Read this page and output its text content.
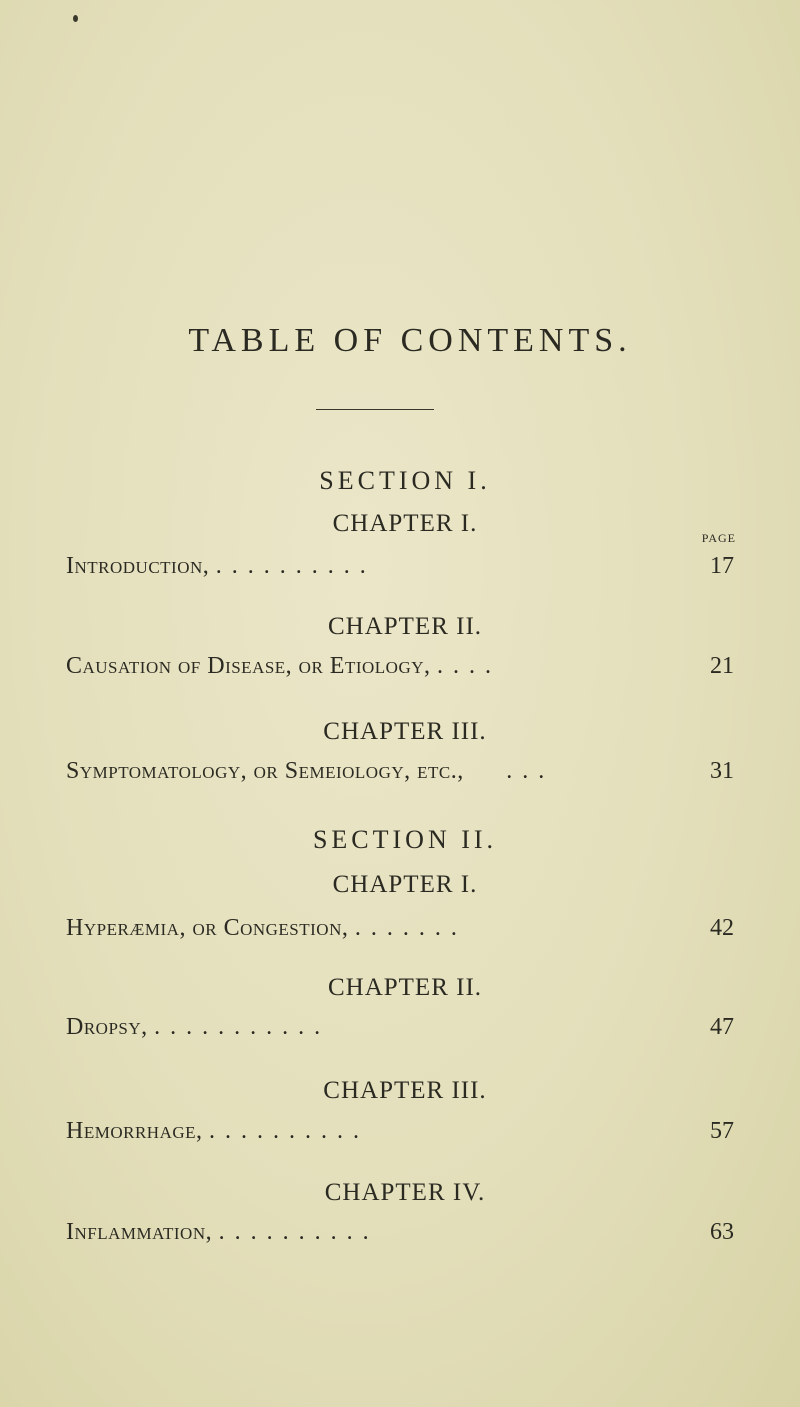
TABLE OF CONTENTS.
SECTION I.
CHAPTER I.
PAGE
Introduction, . . . . . . . . . .	17
CHAPTER II.
Causation of Disease, or Etiology, . . . .	21
CHAPTER III.
Symptomatology, or Semeiology, etc., . . .	31
SECTION II.
CHAPTER I.
Hyperæmia, or Congestion, . . . . . . .	42
CHAPTER II.
Dropsy, . . . . . . . . . . .	47
CHAPTER III.
Hemorrhage, . . . . . . . . . .	57
CHAPTER IV.
Inflammation, . . . . . . . . . .	63
